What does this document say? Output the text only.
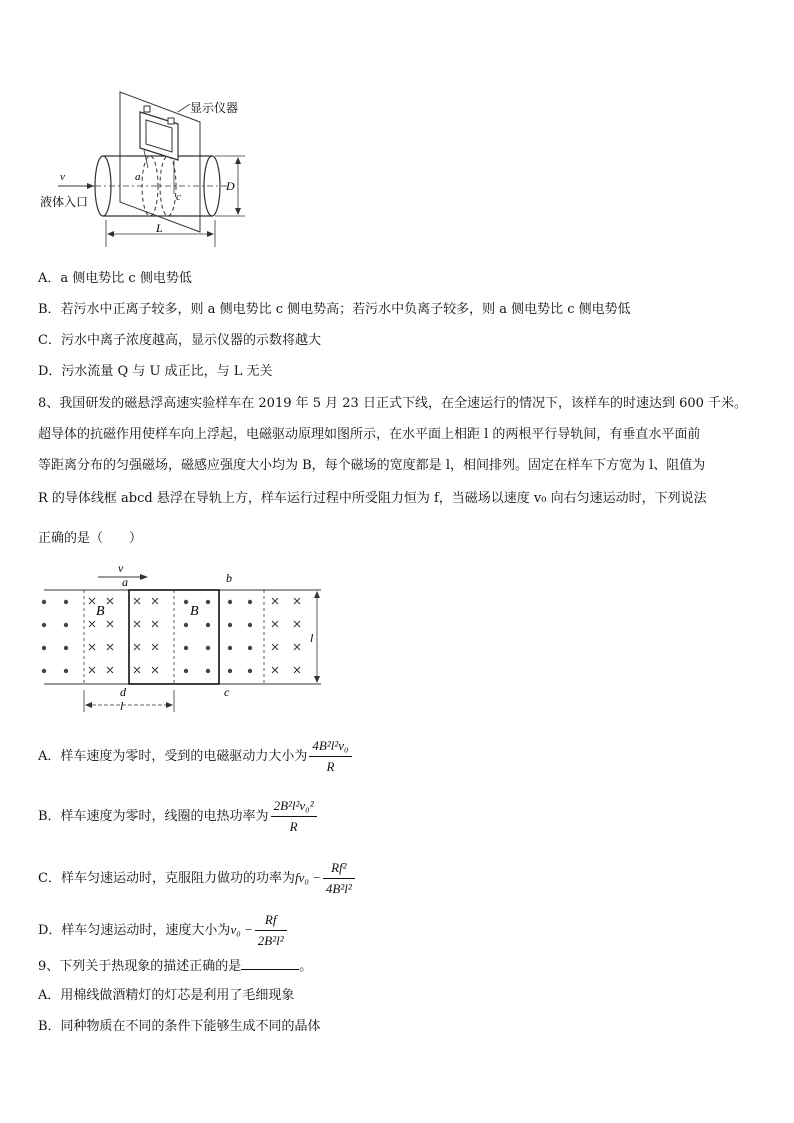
显示仪器
a
c
v
液体入口
D
L
A．a 侧电势比 c 侧电势低
B．若污水中正离子较多，则 a 侧电势比 c 侧电势高；若污水中负离子较多，则 a 侧电势比 c 侧电势低
C．污水中离子浓度越高，显示仪器的示数将越大
D．污水流量 Q 与 U 成正比，与 L 无关
8、我国研发的磁悬浮高速实验样车在 2019 年 5 月 23 日正式下线，在全速运行的情况下，该样车的时速达到 600 千米。
超导体的抗磁作用使样车向上浮起，电磁驱动原理如图所示，在水平面上相距 l 的两根平行导轨间，有垂直水平面前
等距离分布的匀强磁场，磁感应强度大小均为 B，每个磁场的宽度都是 l，相间排列。固定在样车下方宽为 l、阻值为
R 的导体线框 abcd 悬浮在导轨上方，样车运行过程中所受阻力恒为 f，当磁场以速度 v₀ 向右匀速运动时，下列说法
正确的是（　　）
B	B
a	b
c
d
v
l
l
A．样车速度为零时，受到的电磁驱动力大小为 $\frac{\text{4B²l²v₀}}{R}$
B．样车速度为零时，线圈的电热功率为 $\frac{\text{2B²l²v₀²}}{R}$
C．样车匀速运动时，克服阻力做功的功率为$fv_0 - \frac{\text{Rf²}}{\text{4B²l²}}$
D．样车匀速运动时，速度大小为$v_0 - \frac{Rf}{\text{2B²l²}}$
9、下列关于热现象的描述正确的是	。
A．用棉线做酒精灯的灯芯是利用了毛细现象
B．同种物质在不同的条件下能够生成不同的晶体
